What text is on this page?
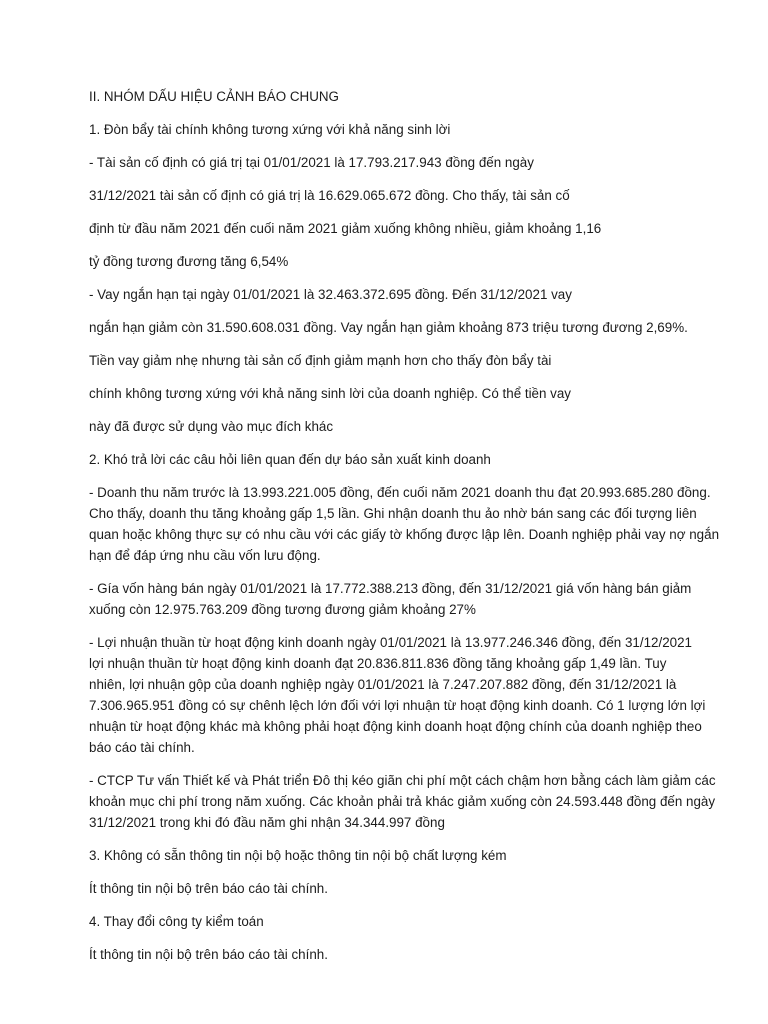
II. NHÓM DẤU HIỆU CẢNH BÁO CHUNG

1. Đòn bẩy tài chính không tương xứng với khả năng sinh lời

- Tài sản cố định có giá trị tại 01/01/2021 là 17.793.217.943 đồng đến ngày

31/12/2021 tài sản cố định có giá trị là 16.629.065.672 đồng. Cho thấy, tài sản cố

định từ đầu năm 2021 đến cuối năm 2021 giảm xuống không nhiều, giảm khoảng 1,16

tỷ đồng tương đương tăng 6,54%

- Vay ngắn hạn tại ngày 01/01/2021 là 32.463.372.695 đồng. Đến 31/12/2021 vay

ngắn hạn giảm còn 31.590.608.031 đồng. Vay ngắn hạn giảm khoảng 873 triệu tương đương 2,69%.

Tiền vay giảm nhẹ nhưng tài sản cố định giảm mạnh hơn cho thấy đòn bẩy tài

chính không tương xứng với khả năng sinh lời của doanh nghiệp. Có thể tiền vay

này đã được sử dụng vào mục đích khác

2. Khó trả lời các câu hỏi liên quan đến dự báo sản xuất kinh doanh

- Doanh thu năm trước là 13.993.221.005 đồng, đến cuối năm 2021 doanh thu đạt 20.993.685.280 đồng.
Cho thấy, doanh thu tăng khoảng gấp 1,5 lần. Ghi nhận doanh thu ảo nhờ bán sang các đối tượng liên
quan hoặc không thực sự có nhu cầu với các giấy tờ khống được lập lên. Doanh nghiệp phải vay nợ ngắn
hạn để đáp ứng nhu cầu vốn lưu động.
- Gía vốn hàng bán ngày 01/01/2021 là 17.772.388.213 đồng, đến 31/12/2021 giá vốn hàng bán giảm
xuống còn 12.975.763.209 đồng tương đương giảm khoảng 27%
- Lợi nhuận thuần từ hoạt động kinh doanh ngày 01/01/2021 là 13.977.246.346 đồng, đến 31/12/2021
lợi nhuận thuần từ hoạt động kinh doanh đạt 20.836.811.836 đồng tăng khoảng gấp 1,49 lần. Tuy
nhiên, lợi nhuận gộp của doanh nghiệp ngày 01/01/2021 là 7.247.207.882 đồng, đến 31/12/2021 là
7.306.965.951 đồng có sự chênh lệch lớn đối với lợi nhuận từ hoạt động kinh doanh. Có 1 lượng lớn lợi
nhuận từ hoạt động khác mà không phải hoạt động kinh doanh hoạt động chính của doanh nghiệp theo
báo cáo tài chính.
- CTCP Tư vấn Thiết kế và Phát triển Đô thị kéo giãn chi phí một cách chậm hơn bằng cách làm giảm các
khoản mục chi phí trong năm xuống. Các khoản phải trả khác giảm xuống còn 24.593.448 đồng đến ngày
31/12/2021 trong khi đó đầu năm ghi nhận 34.344.997 đồng

3. Không có sẵn thông tin nội bộ hoặc thông tin nội bộ chất lượng kém

Ít thông tin nội bộ trên báo cáo tài chính.

4. Thay đổi công ty kiểm toán

Ít thông tin nội bộ trên báo cáo tài chính.
